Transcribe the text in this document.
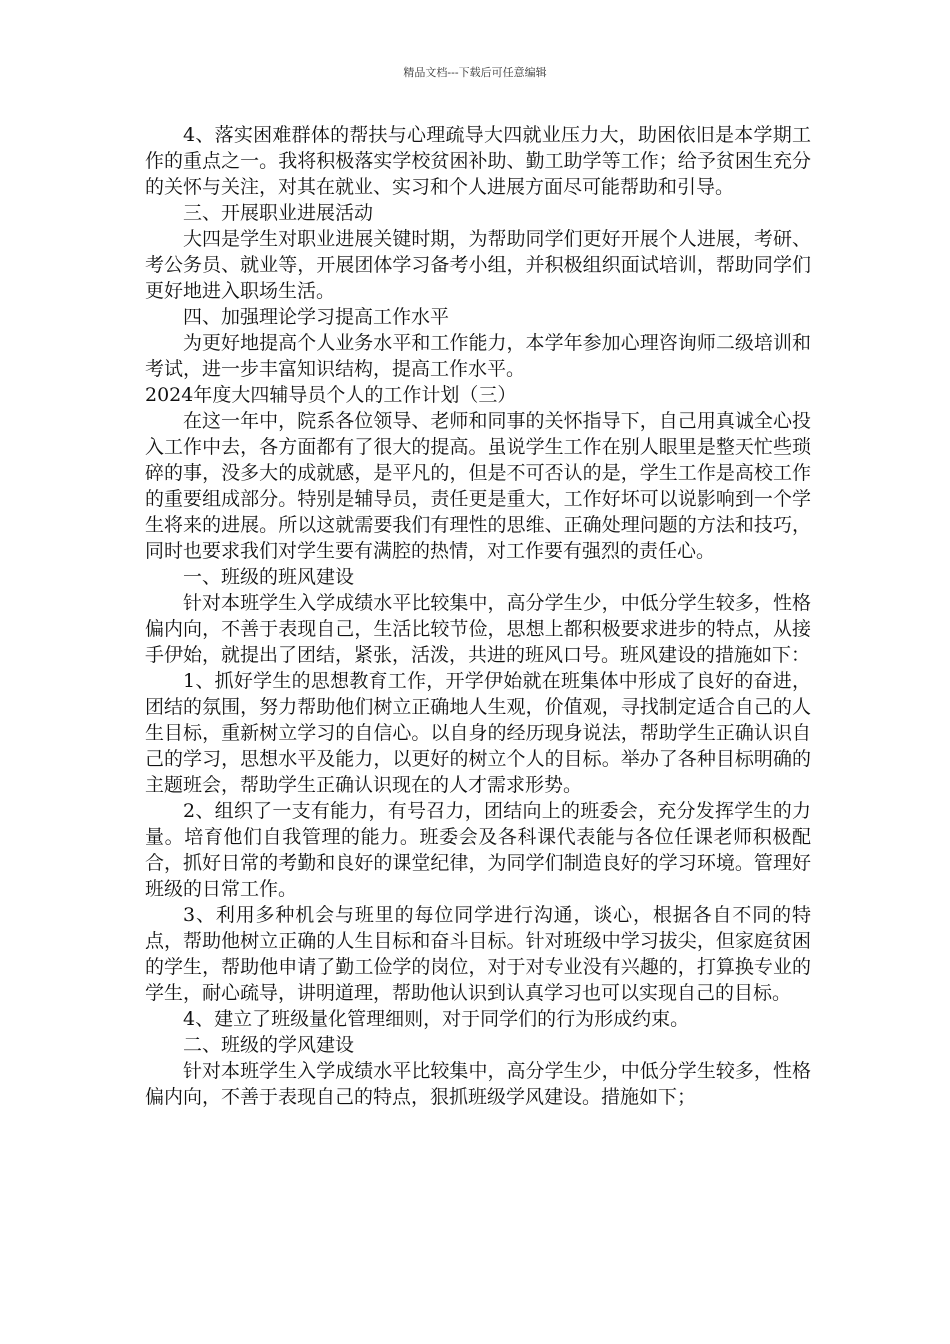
精品文档---下载后可任意编辑

4、落实困难群体的帮扶与心理疏导大四就业压力大，助困依旧是本学期工作的重点之一。我将积极落实学校贫困补助、勤工助学等工作；给予贫困生充分的关怀与关注，对其在就业、实习和个人进展方面尽可能帮助和引导。

三、开展职业进展活动

大四是学生对职业进展关键时期，为帮助同学们更好开展个人进展，考研、考公务员、就业等，开展团体学习备考小组，并积极组织面试培训，帮助同学们更好地进入职场生活。

四、加强理论学习提高工作水平

为更好地提高个人业务水平和工作能力，本学年参加心理咨询师二级培训和考试，进一步丰富知识结构，提高工作水平。

2024年度大四辅导员个人的工作计划（三）

在这一年中，院系各位领导、老师和同事的关怀指导下，自己用真诚全心投入工作中去，各方面都有了很大的提高。虽说学生工作在别人眼里是整天忙些琐碎的事，没多大的成就感，是平凡的，但是不可否认的是，学生工作是高校工作的重要组成部分。特别是辅导员，责任更是重大，工作好坏可以说影响到一个学生将来的进展。所以这就需要我们有理性的思维、正确处理问题的方法和技巧，同时也要求我们对学生要有满腔的热情，对工作要有强烈的责任心。

一、班级的班风建设

针对本班学生入学成绩水平比较集中，高分学生少，中低分学生较多，性格偏内向，不善于表现自己，生活比较节俭，思想上都积极要求进步的特点，从接手伊始，就提出了团结，紧张，活泼，共进的班风口号。班风建设的措施如下：

1、抓好学生的思想教育工作，开学伊始就在班集体中形成了良好的奋进，团结的氛围，努力帮助他们树立正确地人生观，价值观，寻找制定适合自己的人生目标，重新树立学习的自信心。以自身的经历现身说法，帮助学生正确认识自己的学习，思想水平及能力，以更好的树立个人的目标。举办了各种目标明确的主题班会，帮助学生正确认识现在的人才需求形势。

2、组织了一支有能力，有号召力，团结向上的班委会，充分发挥学生的力量。培育他们自我管理的能力。班委会及各科课代表能与各位任课老师积极配合，抓好日常的考勤和良好的课堂纪律，为同学们制造良好的学习环境。管理好班级的日常工作。

3、利用多种机会与班里的每位同学进行沟通，谈心，根据各自不同的特点，帮助他树立正确的人生目标和奋斗目标。针对班级中学习拔尖，但家庭贫困的学生，帮助他申请了勤工俭学的岗位，对于对专业没有兴趣的，打算换专业的学生，耐心疏导，讲明道理，帮助他认识到认真学习也可以实现自己的目标。

4、建立了班级量化管理细则，对于同学们的行为形成约束。

二、班级的学风建设

针对本班学生入学成绩水平比较集中，高分学生少，中低分学生较多，性格偏内向，不善于表现自己的特点，狠抓班级学风建设。措施如下；
